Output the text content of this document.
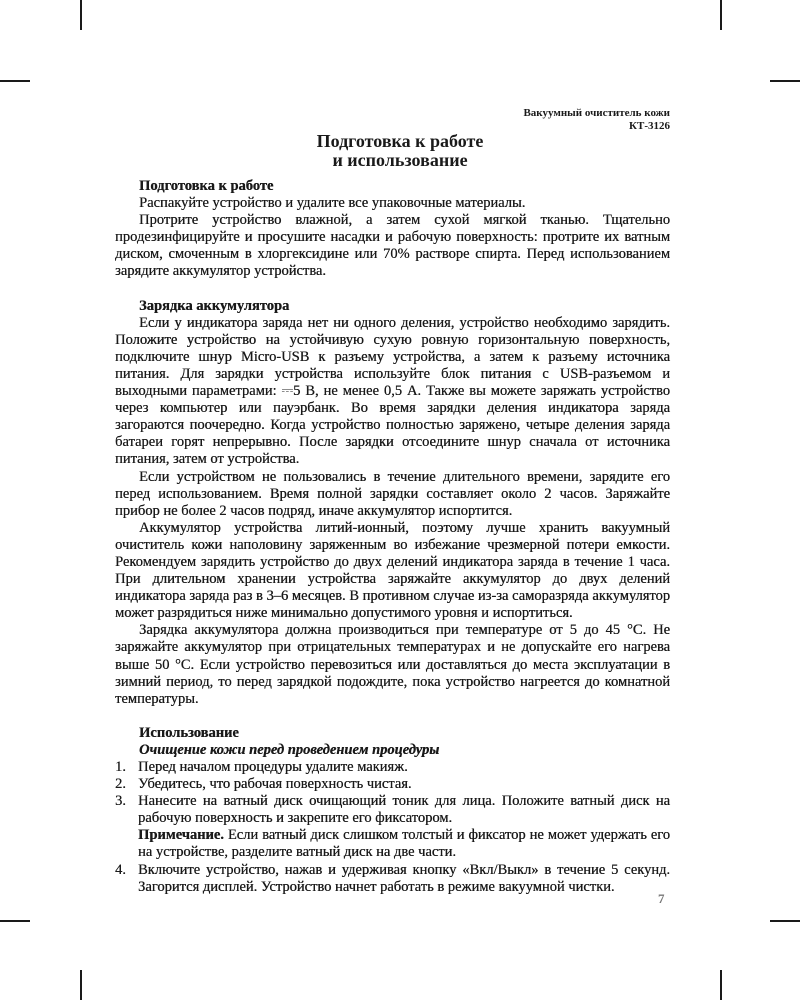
Вакуумный очиститель кожи
КТ-3126
Подготовка к работе
и использование
Подготовка к работе

Распакуйте устройство и удалите все упаковочные материалы.

Протрите устройство влажной, а затем сухой мягкой тканью. Тщательно продезинфицируйте и просушите насадки и рабочую поверхность: протрите их ватным диском, смоченным в хлоргексидине или 70% растворе спирта. Перед использованием зарядите аккумулятор устройства.

Зарядка аккумулятора

Если у индикатора заряда нет ни одного деления, устройство необходимо зарядить. Положите устройство на устойчивую сухую ровную горизонтальную поверхность, подключите шнур Micro-USB к разъему устройства, а затем к разъему источника питания. Для зарядки устройства используйте блок питания с USB-разъемом и выходными параметрами: ⎓5 В, не менее 0,5 А. Также вы можете заряжать устройство через компьютер или пауэрбанк. Во время зарядки деления индикатора заряда загораются поочередно. Когда устройство полностью заряжено, четыре деления заряда батареи горят непрерывно. После зарядки отсоедините шнур сначала от источника питания, затем от устройства.

Если устройством не пользовались в течение длительного времени, зарядите его перед использованием. Время полной зарядки составляет около 2 часов. Заряжайте прибор не более 2 часов подряд, иначе аккумулятор испортится.

Аккумулятор устройства литий-ионный, поэтому лучше хранить вакуумный очиститель кожи наполовину заряженным во избежание чрезмерной потери емкости. Рекомендуем зарядить устройство до двух делений индикатора заряда в течение 1 часа. При длительном хранении устройства заряжайте аккумулятор до двух делений индикатора заряда раз в 3–6 месяцев. В противном случае из-за саморазряда аккумулятор может разрядиться ниже минимально допустимого уровня и испортиться.

Зарядка аккумулятора должна производиться при температуре от 5 до 45 °С. Не заряжайте аккумулятор при отрицательных температурах и не допускайте его нагрева выше 50 °С. Если устройство перевозиться или доставляться до места эксплуатации в зимний период, то перед зарядкой подождите, пока устройство нагреется до комнатной температуры.

Использование
Очищение кожи перед проведением процедуры
1. Перед началом процедуры удалите макияж.
2. Убедитесь, что рабочая поверхность чистая.
3. Нанесите на ватный диск очищающий тоник для лица. Положите ватный диск на рабочую поверхность и закрепите его фиксатором.
Примечание. Если ватный диск слишком толстый и фиксатор не может удержать его на устройстве, разделите ватный диск на две части.
4. Включите устройство, нажав и удерживая кнопку «Вкл/Выкл» в течение 5 секунд. Загорится дисплей. Устройство начнет работать в режиме вакуумной чистки.
7
